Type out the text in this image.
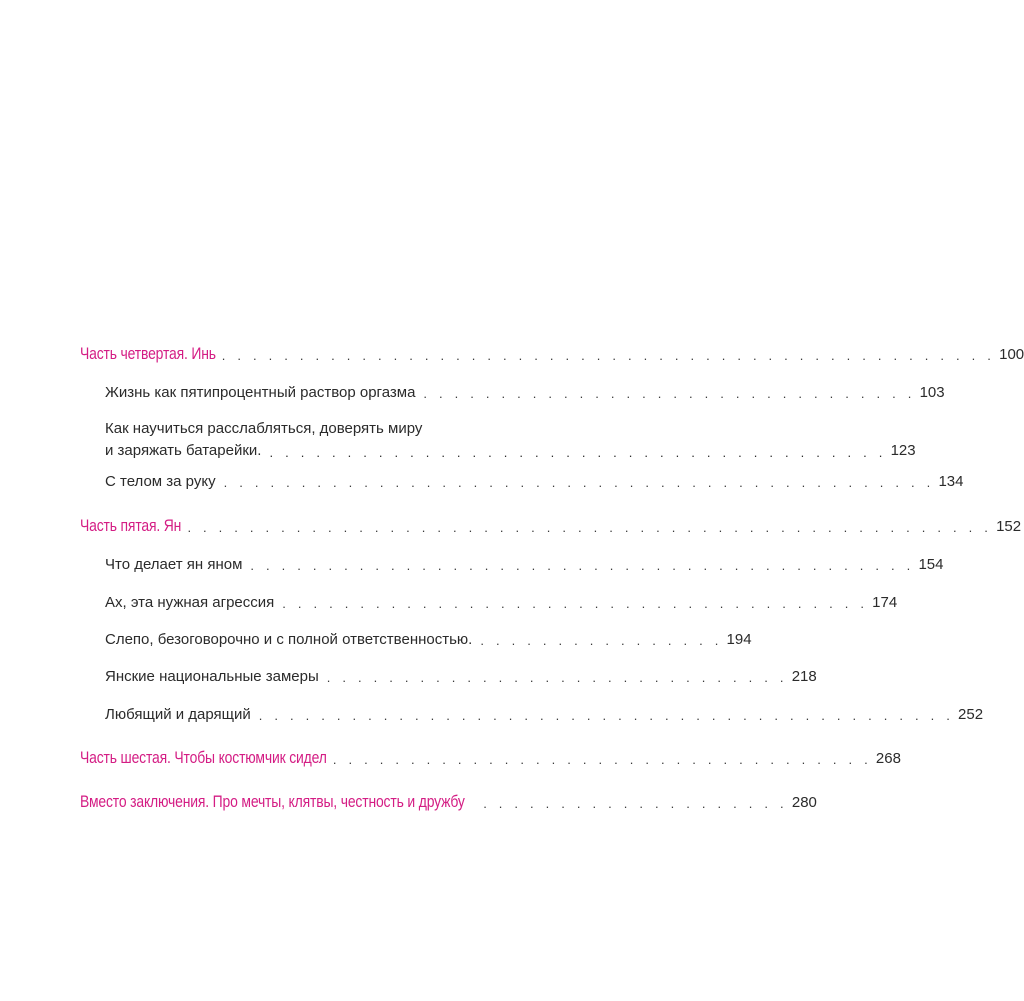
Часть четвертая. Инь . . . . . . . . . . . . . . . . . . . . . . . . . . . . . . . . . . . . . . . . . . . . . . . . . . 100
Жизнь как пятипроцентный раствор оргазма . . . . . . . . . . . . . . . . . . . . . . . . . . . . . . . . 103
Как научиться расслабляться, доверять миру
и заряжать батарейки. . . . . . . . . . . . . . . . . . . . . . . . . . . . . . . . . . . . . . . . . 123
С телом за руку . . . . . . . . . . . . . . . . . . . . . . . . . . . . . . . . . . . . . . . . . . . . . . 134
Часть пятая. Ян . . . . . . . . . . . . . . . . . . . . . . . . . . . . . . . . . . . . . . . . . . . . . . . . . . . . 152
Что делает ян яном . . . . . . . . . . . . . . . . . . . . . . . . . . . . . . . . . . . . . . . . . . . 154
Ах, эта нужная агрессия . . . . . . . . . . . . . . . . . . . . . . . . . . . . . . . . . . . . . . 174
Слепо, безоговорочно и с полной ответственностью. . . . . . . . . . . . . . . . . 194
Янские национальные замеры . . . . . . . . . . . . . . . . . . . . . . . . . . . . . . 218
Любящий и дарящий . . . . . . . . . . . . . . . . . . . . . . . . . . . . . . . . . . . . . . . . . . . . . 252
Часть шестая. Чтобы костюмчик сидел . . . . . . . . . . . . . . . . . . . . . . . . . . . . . . . . . . . 268
Вместо заключения. Про мечты, клятвы, честность и дружбу	. . . . . . . . . . . . . . . . . . . . 280
